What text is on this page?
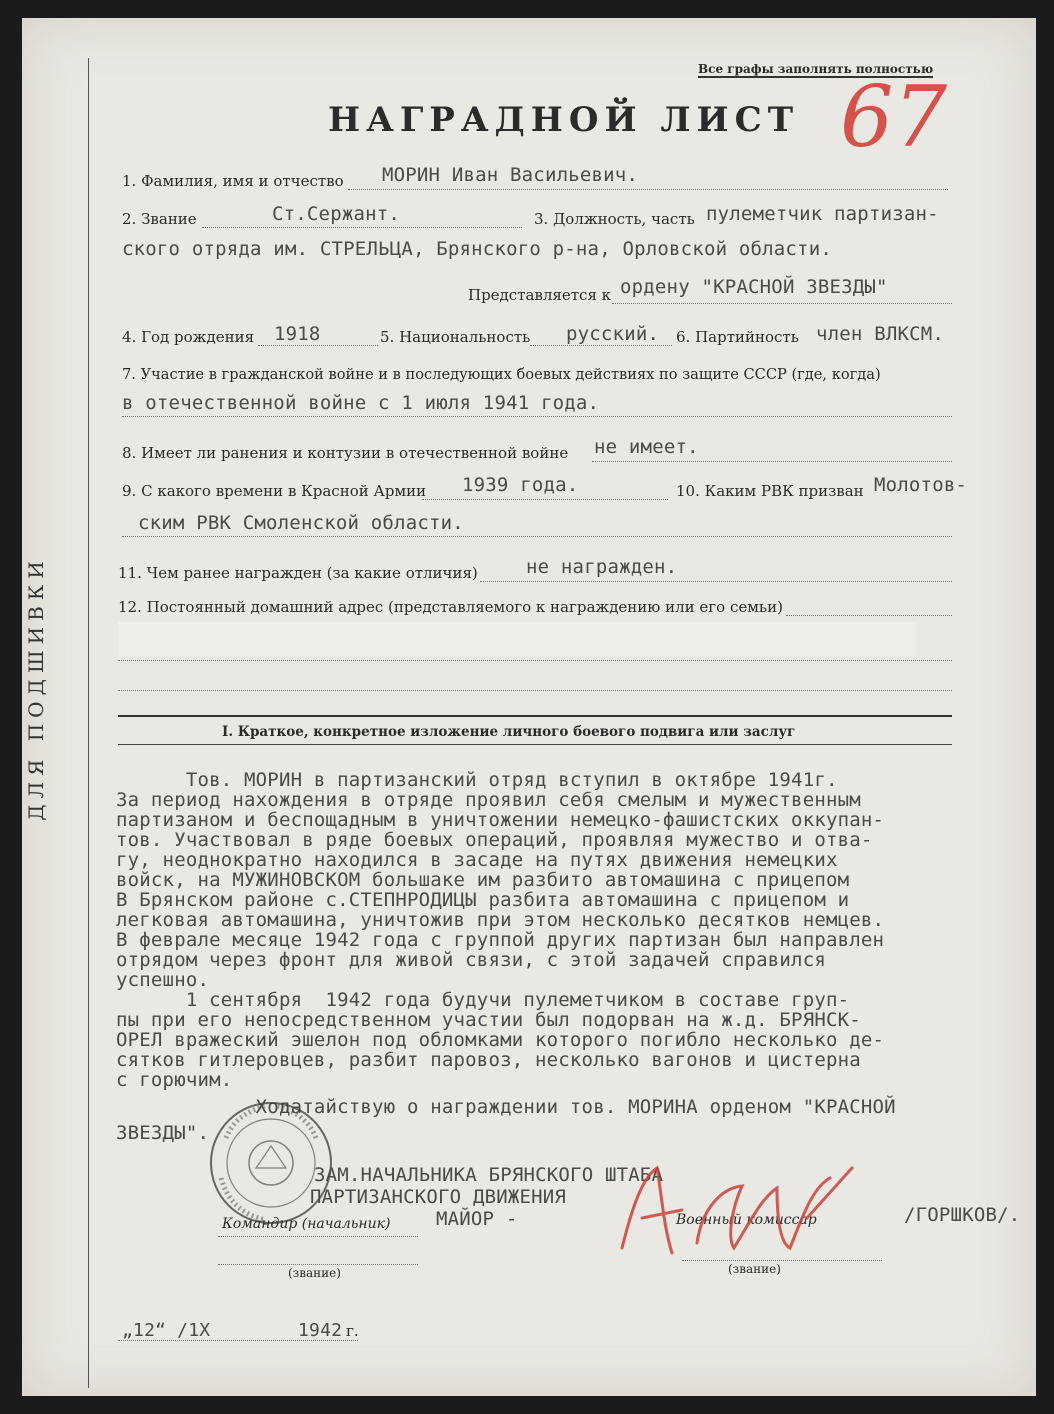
ДЛЯ ПОДШИВКИ
Все графы заполнять полностью
НАГРАДНОЙ ЛИСТ 67
1. Фамилия, имя и отчество МОРИН Иван Васильевич.
2. Звание	Ст.Сержант.	3. Должность, часть пулеметчик партизан-
ского отряда им. СТРЕЛЬЦА, Брянского р-на, Орловской области.
Представляется к ордену "КРАСНОЙ ЗВЕЗДЫ"
4. Год рождения 1918	5. Национальность русский. 6. Партийность член ВЛКСМ.
7. Участие в гражданской войне и в последующих боевых действиях по защите СССР (где, когда)
в отечественной войне с 1 июля 1941 года.
8. Имеет ли ранения и контузии в отечественной войне не имеет.
9. С какого времени в Красной Армии 1939 года.	10. Каким РВК призван Молотов-
ским РВК Смоленской области.
11. Чем ранее награжден (за какие отличия)	не награжден.
12. Постоянный домашний адрес (представляемого к награждению или его семьи)
I. Краткое, конкретное изложение личного боевого подвига или заслуг
Тов. МОРИН в партизанский отряд вступил в октябре 1941г.
За период нахождения в отряде проявил себя смелым и мужественным
партизаном и беспощадным в уничтожении немецко-фашистских оккупан-
тов. Участвовал в ряде боевых операций, проявляя мужество и отва-
гу, неоднократно находился в засаде на путях движения немецких
войск, на МУЖИНОВСКОМ большаке им разбито автомашина с прицепом
В Брянском районе с.СТЕПНРОДИЦЫ разбита автомашина с прицепом и
легковая автомашина, уничтожив при этом несколько десятков немцев.
В феврале месяце 1942 года с группой других партизан был направлен
отрядом через фронт для живой связи, с этой задачей справился
успешно.
1 сентября  1942 года будучи пулеметчиком в составе груп-
пы при его непосредственном участии был подорван на ж.д. БРЯНСК-
ОРЕЛ вражеский эшелон под обломками которого погибло несколько де-
сятков гитлеровцев, разбит паровоз, несколько вагонов и цистерна
с горючим.
Ходатайствую о награждении тов. МОРИНА орденом "КРАСНОЙ
ЗВЕЗДЫ".
ЗАМ.НАЧАЛЬНИКА БРЯНСКОГО ШТАБА
ПАРТИЗАНСКОГО ДВИЖЕНИЯ
МАЙОР -
Командир (начальник)	Военный комиссар	/ГОРШКОВ/.
(звание)	(звание)
„12“ /1Х	1942 г.
